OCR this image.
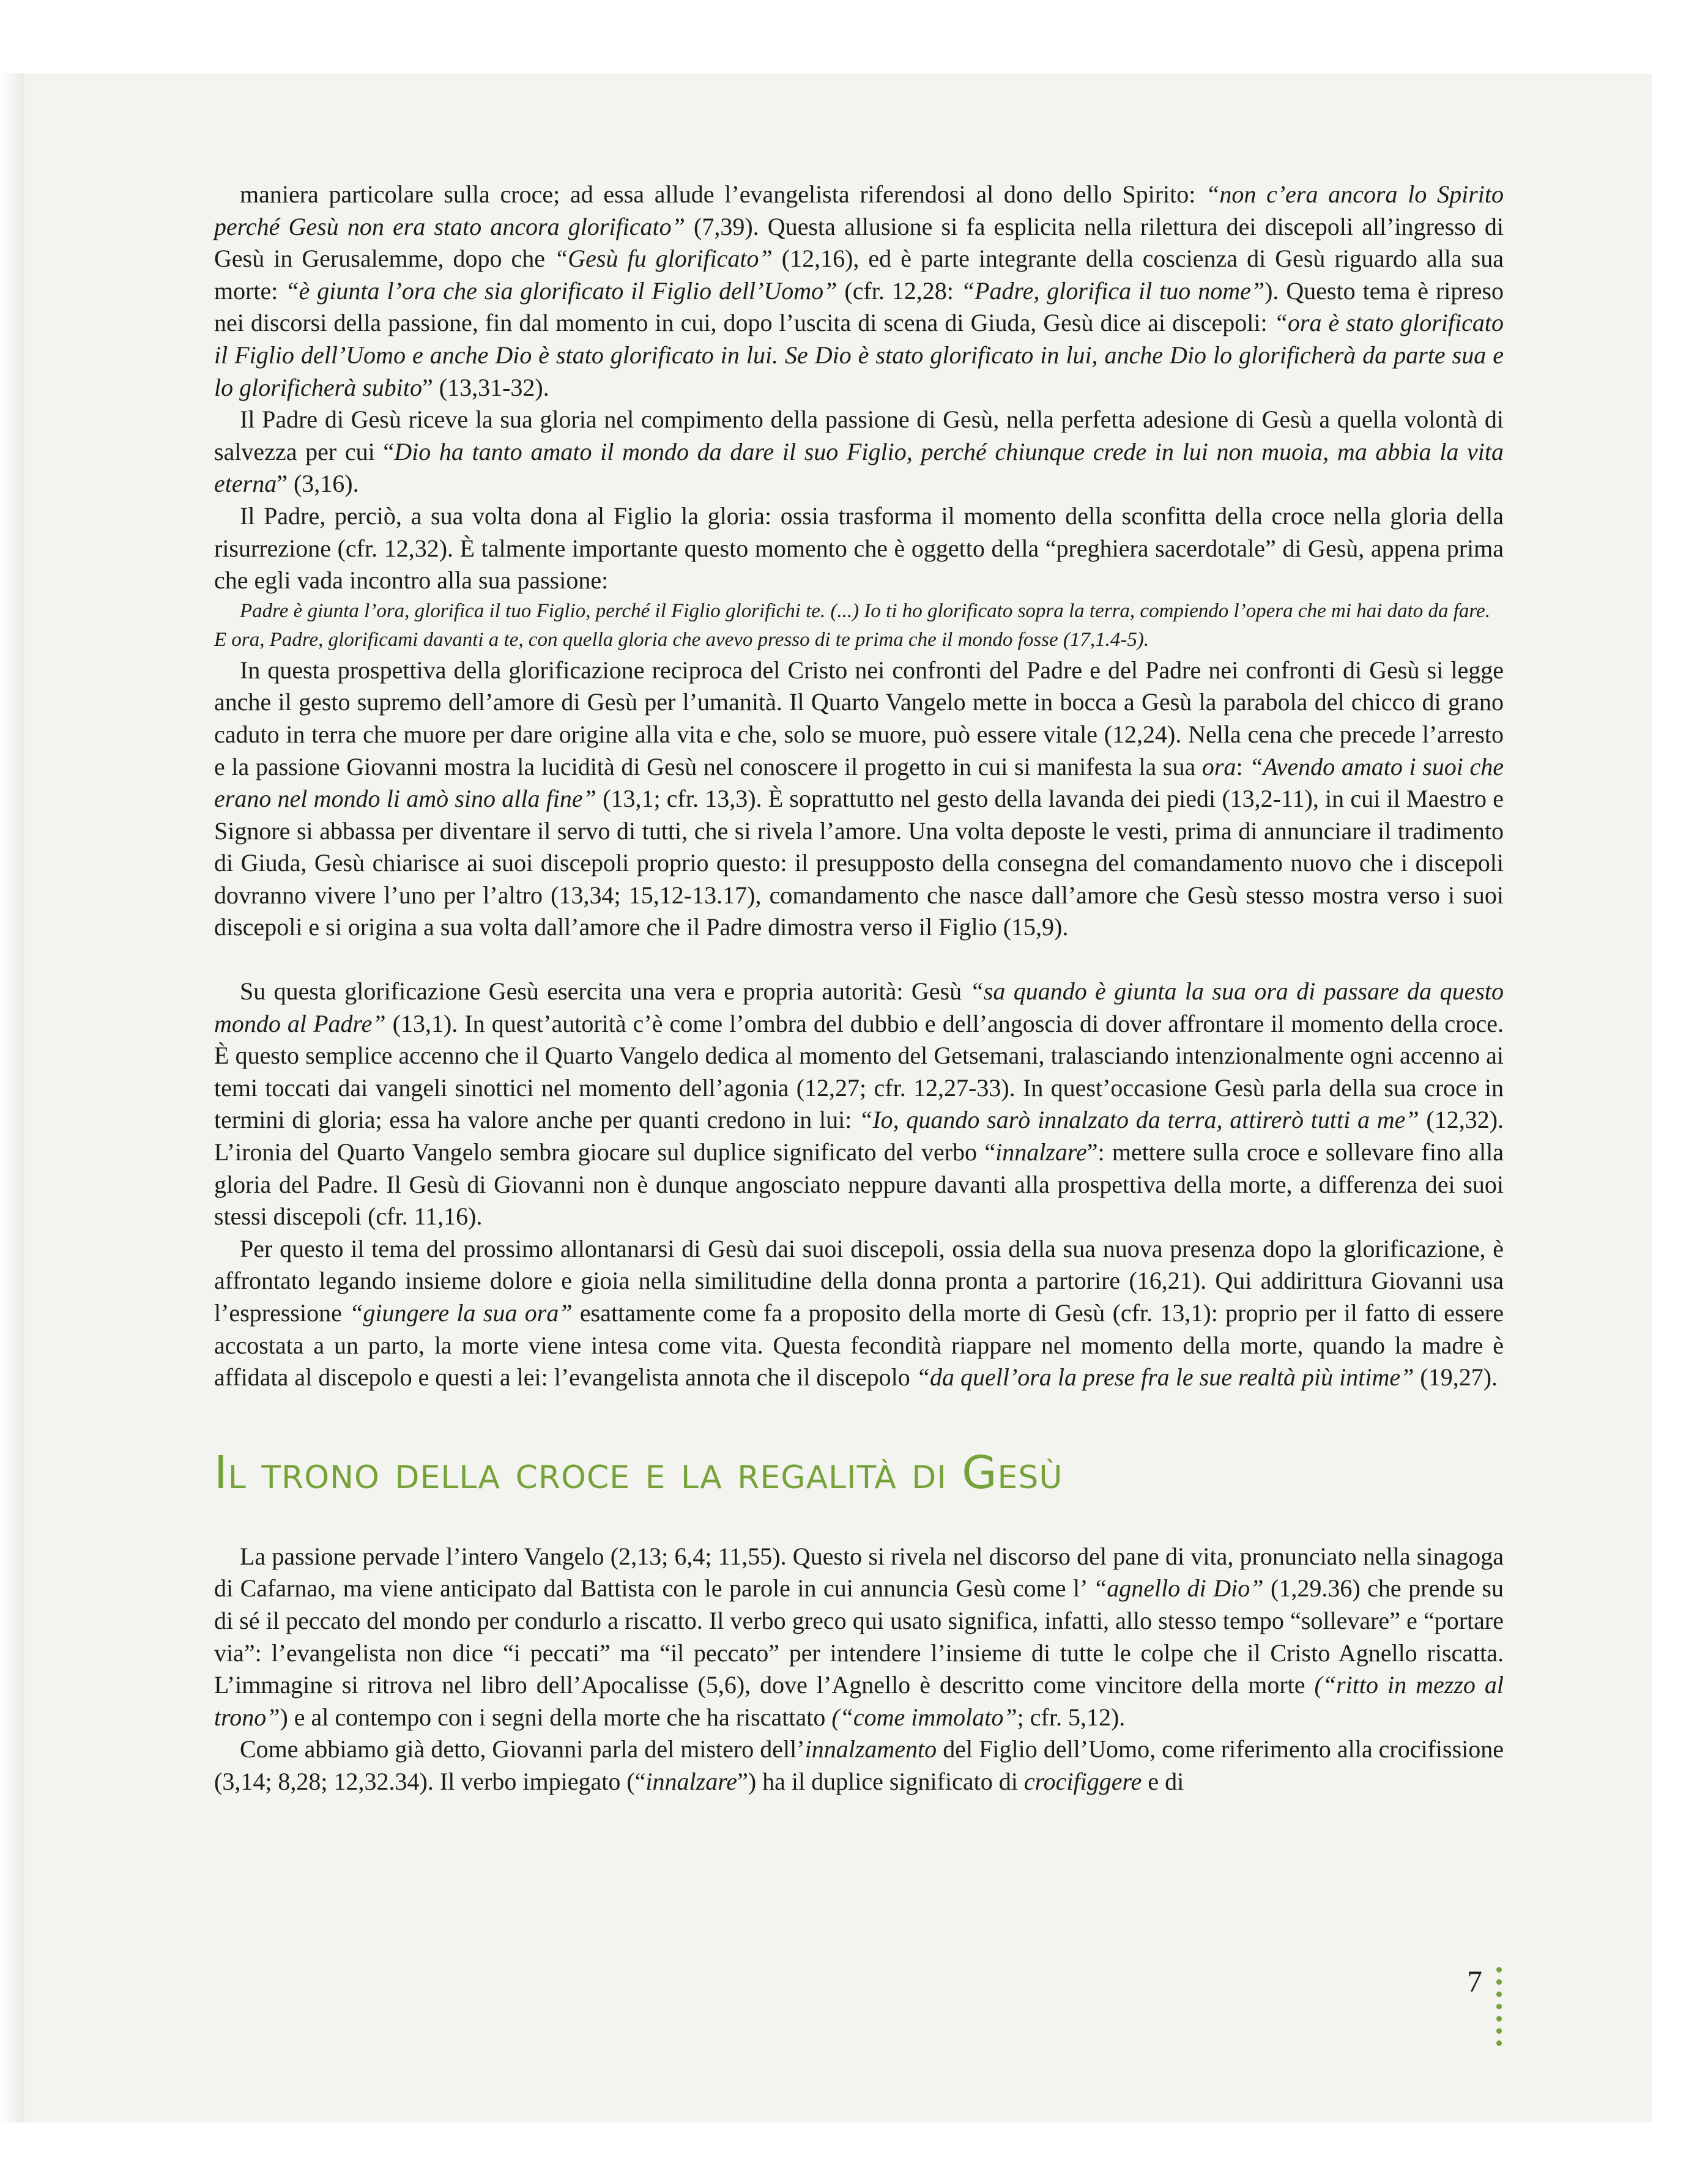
maniera particolare sulla croce; ad essa allude l’evangelista riferendosi al dono dello Spirito: “non c’era ancora lo Spirito perché Gesù non era stato ancora glorificato” (7,39). Questa allusione si fa esplicita nella rilettura dei discepoli all’ingresso di Gesù in Gerusalemme, dopo che “Gesù fu glorificato” (12,16), ed è parte integrante della coscienza di Gesù riguardo alla sua morte: “è giunta l’ora che sia glorificato il Figlio dell’Uomo” (cfr. 12,28: “Padre, glorifica il tuo nome”). Questo tema è ripreso nei discorsi della passione, fin dal momento in cui, dopo l’uscita di scena di Giuda, Gesù dice ai discepoli: “ora è stato glorificato il Figlio dell’Uomo e anche Dio è stato glorificato in lui. Se Dio è stato glorificato in lui, anche Dio lo glorificherà da parte sua e lo glorificherà subito” (13,31-32).

Il Padre di Gesù riceve la sua gloria nel compimento della passione di Gesù, nella perfetta adesione di Gesù a quella volontà di salvezza per cui “Dio ha tanto amato il mondo da dare il suo Figlio, perché chiunque crede in lui non muoia, ma abbia la vita eterna” (3,16).

Il Padre, perciò, a sua volta dona al Figlio la gloria: ossia trasforma il momento della sconfitta della croce nella gloria della risurrezione (cfr. 12,32). È talmente importante questo momento che è oggetto della “preghiera sacerdotale” di Gesù, appena prima che egli vada incontro alla sua passione:

Padre è giunta l’ora, glorifica il tuo Figlio, perché il Figlio glorifichi te. (...) Io ti ho glorificato sopra la terra, compiendo l’opera che mi hai dato da fare. E ora, Padre, glorificami davanti a te, con quella gloria che avevo presso di te prima che il mondo fosse (17,1.4-5).

In questa prospettiva della glorificazione reciproca del Cristo nei confronti del Padre e del Padre nei confronti di Gesù si legge anche il gesto supremo dell’amore di Gesù per l’umanità. Il Quarto Vangelo mette in bocca a Gesù la parabola del chicco di grano caduto in terra che muore per dare origine alla vita e che, solo se muore, può essere vitale (12,24). Nella cena che precede l’arresto e la passione Giovanni mostra la lucidità di Gesù nel conoscere il progetto in cui si manifesta la sua ora: “Avendo amato i suoi che erano nel mondo li amò sino alla fine” (13,1; cfr. 13,3). È soprattutto nel gesto della lavanda dei piedi (13,2-11), in cui il Maestro e Signore si abbassa per diventare il servo di tutti, che si rivela l’amore. Una volta deposte le vesti, prima di annunciare il tradimento di Giuda, Gesù chiarisce ai suoi discepoli proprio questo: il presupposto della consegna del comandamento nuovo che i discepoli dovranno vivere l’uno per l’altro (13,34; 15,12-13.17), comandamento che nasce dall’amore che Gesù stesso mostra verso i suoi discepoli e si origina a sua volta dall’amore che il Padre dimostra verso il Figlio (15,9).

Su questa glorificazione Gesù esercita una vera e propria autorità: Gesù “sa quando è giunta la sua ora di passare da questo mondo al Padre” (13,1). In quest’autorità c’è come l’ombra del dubbio e dell’angoscia di dover affrontare il momento della croce. È questo semplice accenno che il Quarto Vangelo dedica al momento del Getsemani, tralasciando intenzionalmente ogni accenno ai temi toccati dai vangeli sinottici nel momento dell’agonia (12,27; cfr. 12,27-33). In quest’occasione Gesù parla della sua croce in termini di gloria; essa ha valore anche per quanti credono in lui: “Io, quando sarò innalzato da terra, attirerò tutti a me” (12,32). L’ironia del Quarto Vangelo sembra giocare sul duplice significato del verbo “innalzare”: mettere sulla croce e sollevare fino alla gloria del Padre. Il Gesù di Giovanni non è dunque angosciato neppure davanti alla prospettiva della morte, a differenza dei suoi stessi discepoli (cfr. 11,16).

Per questo il tema del prossimo allontanarsi di Gesù dai suoi discepoli, ossia della sua nuova presenza dopo la glorificazione, è affrontato legando insieme dolore e gioia nella similitudine della donna pronta a partorire (16,21). Qui addirittura Giovanni usa l’espressione “giungere la sua ora” esattamente come fa a proposito della morte di Gesù (cfr. 13,1): proprio per il fatto di essere accostata a un parto, la morte viene intesa come vita. Questa fecondità riappare nel momento della morte, quando la madre è affidata al discepolo e questi a lei: l’evangelista annota che il discepolo “da quell’ora la prese fra le sue realtà più intime” (19,27).

Il trono della croce e la regalità di Gesù

La passione pervade l’intero Vangelo (2,13; 6,4; 11,55). Questo si rivela nel discorso del pane di vita, pronunciato nella sinagoga di Cafarnao, ma viene anticipato dal Battista con le parole in cui annuncia Gesù come l’ “agnello di Dio” (1,29.36) che prende su di sé il peccato del mondo per condurlo a riscatto. Il verbo greco qui usato significa, infatti, allo stesso tempo “sollevare” e “portare via”: l’evangelista non dice “i peccati” ma “il peccato” per intendere l’insieme di tutte le colpe che il Cristo Agnello riscatta. L’immagine si ritrova nel libro dell’Apocalisse (5,6), dove l’Agnello è descritto come vincitore della morte (“ritto in mezzo al trono”) e al contempo con i segni della morte che ha riscattato (“come immolato”; cfr. 5,12).

Come abbiamo già detto, Giovanni parla del mistero dell’innalzamento del Figlio dell’Uomo, come riferimento alla crocifissione (3,14; 8,28; 12,32.34). Il verbo impiegato (“innalzare”) ha il duplice significato di crocifiggere e di

7
